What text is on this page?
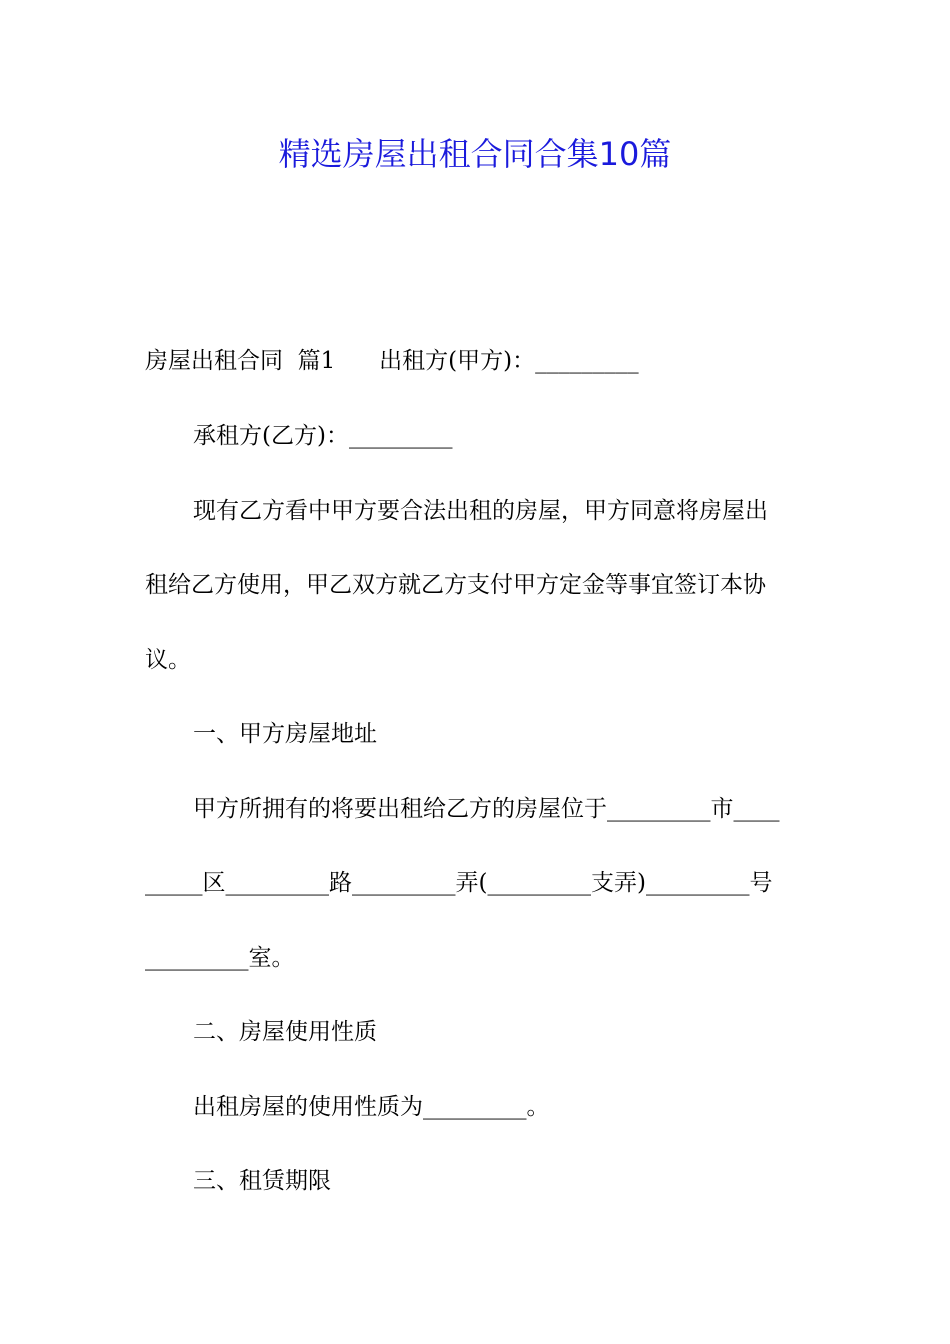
精选房屋出租合同合集10篇

房屋出租合同  篇1      出租方(甲方)：_________

承租方(乙方)：_________

现有乙方看中甲方要合法出租的房屋，甲方同意将房屋出

租给乙方使用，甲乙双方就乙方支付甲方定金等事宜签订本协

议。

一、甲方房屋地址

甲方所拥有的将要出租给乙方的房屋位于_________市____

_____区_________路_________弄(_________支弄)_________号

_________室。

二、房屋使用性质

出租房屋的使用性质为_________。

三、租赁期限
